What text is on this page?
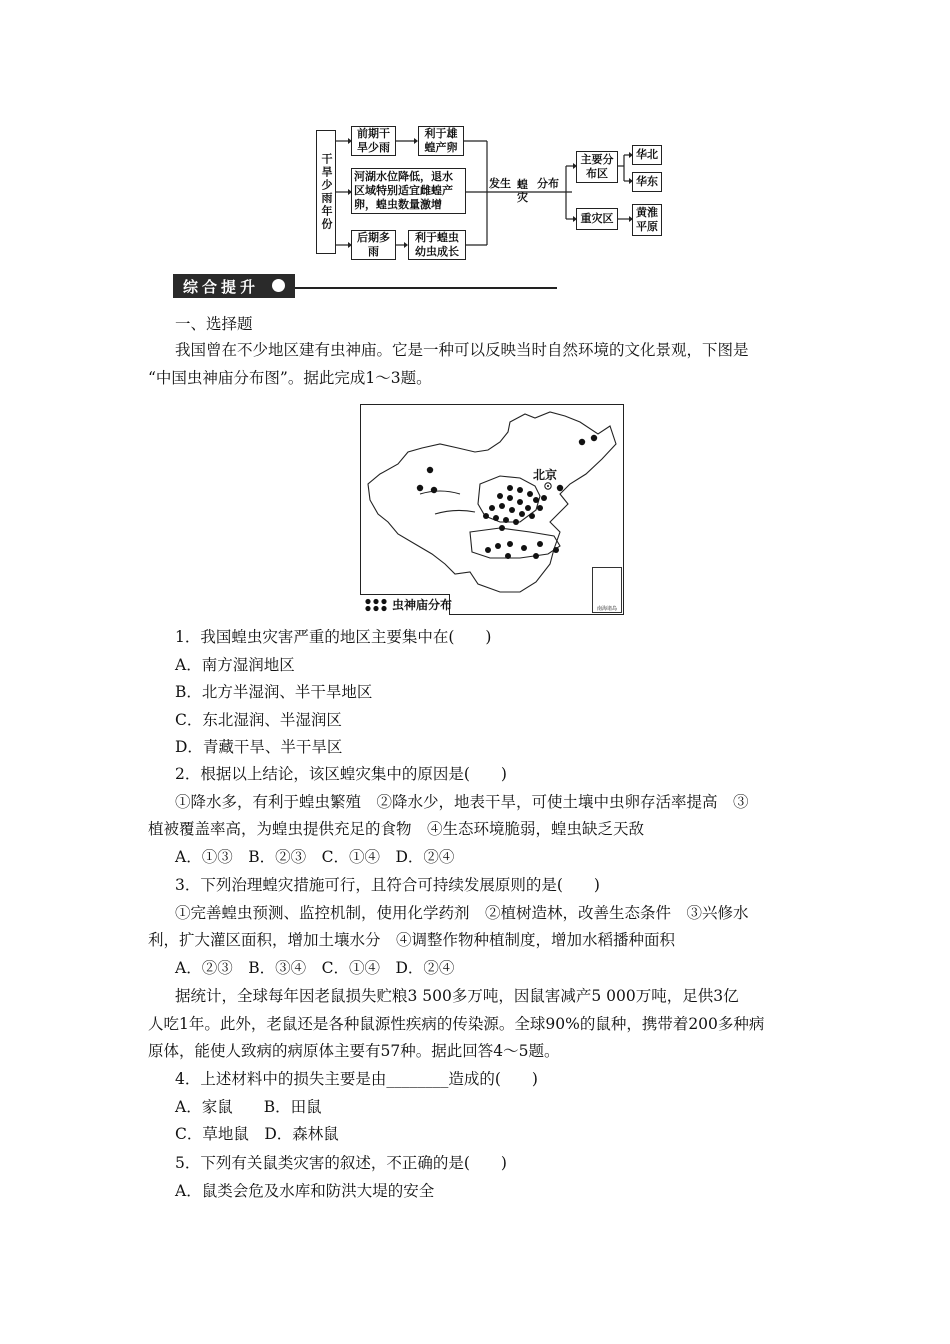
干旱少雨年份
前期干旱少雨
利于雄蝗产卵
河湖水位降低，退水区域特别适宜雌蝗产卵，蝗虫数量激增
后期多雨
利于蝗虫幼虫成长
发生 蝗灾
分布
主要分布区
重灾区
华北
华东
黄淮平原
综合提升
一、选择题
我国曾在不少地区建有虫神庙。它是一种可以反映当时自然环境的文化景观，下图是
“中国虫神庙分布图”。据此完成1～3题。
北京
虫神庙分布	南海诸岛
1．我国蝗虫灾害严重的地区主要集中在(　　)
A．南方湿润地区
B．北方半湿润、半干旱地区
C．东北湿润、半湿润区
D．青藏干旱、半干旱区
2．根据以上结论，该区蝗灾集中的原因是(　　)
①降水多，有利于蝗虫繁殖　②降水少，地表干旱，可使土壤中虫卵存活率提高　③
植被覆盖率高，为蝗虫提供充足的食物　④生态环境脆弱，蝗虫缺乏天敌
A．①③　B．②③　C．①④　D．②④
3．下列治理蝗灾措施可行，且符合可持续发展原则的是(　　)
①完善蝗虫预测、监控机制，使用化学药剂　②植树造林，改善生态条件　③兴修水
利，扩大灌区面积，增加土壤水分　④调整作物种植制度，增加水稻播种面积
A．②③　B．③④　C．①④　D．②④
据统计，全球每年因老鼠损失贮粮3 500多万吨，因鼠害减产5 000万吨，足供3亿
人吃1年。此外，老鼠还是各种鼠源性疾病的传染源。全球90%的鼠种，携带着200多种病
原体，能使人致病的病原体主要有57种。据此回答4～5题。
4．上述材料中的损失主要是由________造成的(　　)
A．家鼠　　B．田鼠
C．草地鼠　D．森林鼠
5．下列有关鼠类灾害的叙述，不正确的是(　　)
A．鼠类会危及水库和防洪大堤的安全
